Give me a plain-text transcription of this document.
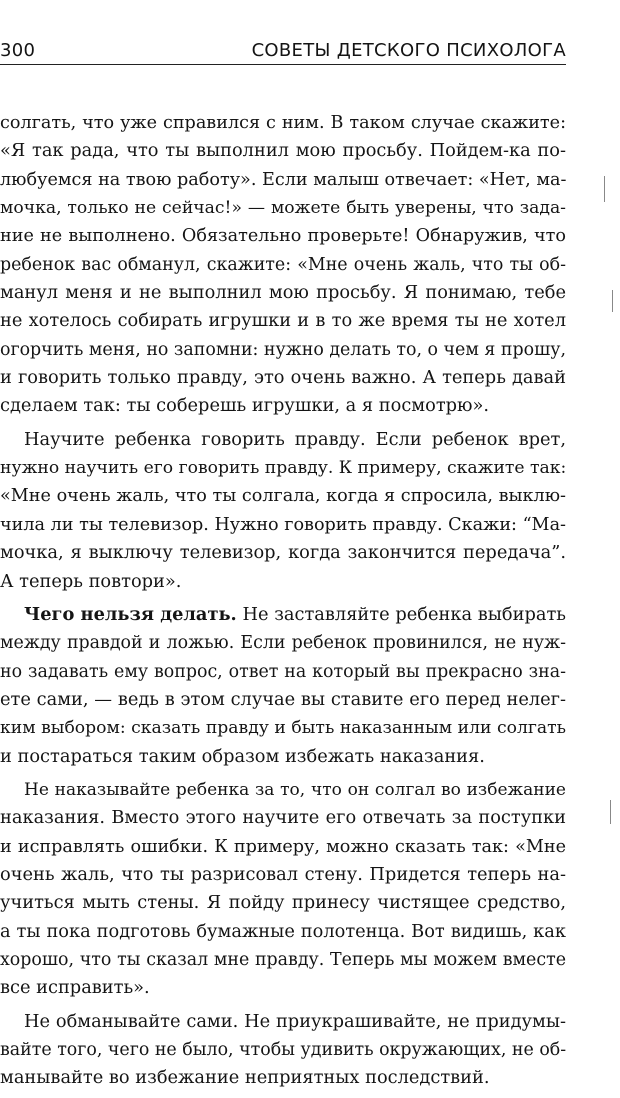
300	СОВЕТЫ ДЕТСКОГО ПСИХОЛОГА

солгать, что уже справился с ним. В таком случае скажите:
«Я так рада, что ты выполнил мою просьбу. Пойдем-ка по-
любуемся на твою работу». Если малыш отвечает: «Нет, ма-
мочка, только не сейчас!» — можете быть уверены, что зада-
ние не выполнено. Обязательно проверьте! Обнаружив, что
ребенок вас обманул, скажите: «Мне очень жаль, что ты об-
манул меня и не выполнил мою просьбу. Я понимаю, тебе
не хотелось собирать игрушки и в то же время ты не хотел
огорчить меня, но запомни: нужно делать то, о чем я прошу,
и говорить только правду, это очень важно. А теперь давай
сделаем так: ты соберешь игрушки, а я посмотрю».

Научите ребенка говорить правду. Если ребенок врет,
нужно научить его говорить правду. К примеру, скажите так:
«Мне очень жаль, что ты солгала, когда я спросила, выклю-
чила ли ты телевизор. Нужно говорить правду. Скажи: “Ма-
мочка, я выключу телевизор, когда закончится передача”.
А теперь повтори».

Чего нельзя делать. Не заставляйте ребенка выбирать
между правдой и ложью. Если ребенок провинился, не нуж-
но задавать ему вопрос, ответ на который вы прекрасно зна-
ете сами, — ведь в этом случае вы ставите его перед нелег-
ким выбором: сказать правду и быть наказанным или солгать
и постараться таким образом избежать наказания.

Не наказывайте ребенка за то, что он солгал во избежание
наказания. Вместо этого научите его отвечать за поступки
и исправлять ошибки. К примеру, можно сказать так: «Мне
очень жаль, что ты разрисовал стену. Придется теперь на-
учиться мыть стены. Я пойду принесу чистящее средство,
а ты пока подготовь бумажные полотенца. Вот видишь, как
хорошо, что ты сказал мне правду. Теперь мы можем вместе
все исправить».

Не обманывайте сами. Не приукрашивайте, не придумы-
вайте того, чего не было, чтобы удивить окружающих, не об-
манывайте во избежание неприятных последствий.
